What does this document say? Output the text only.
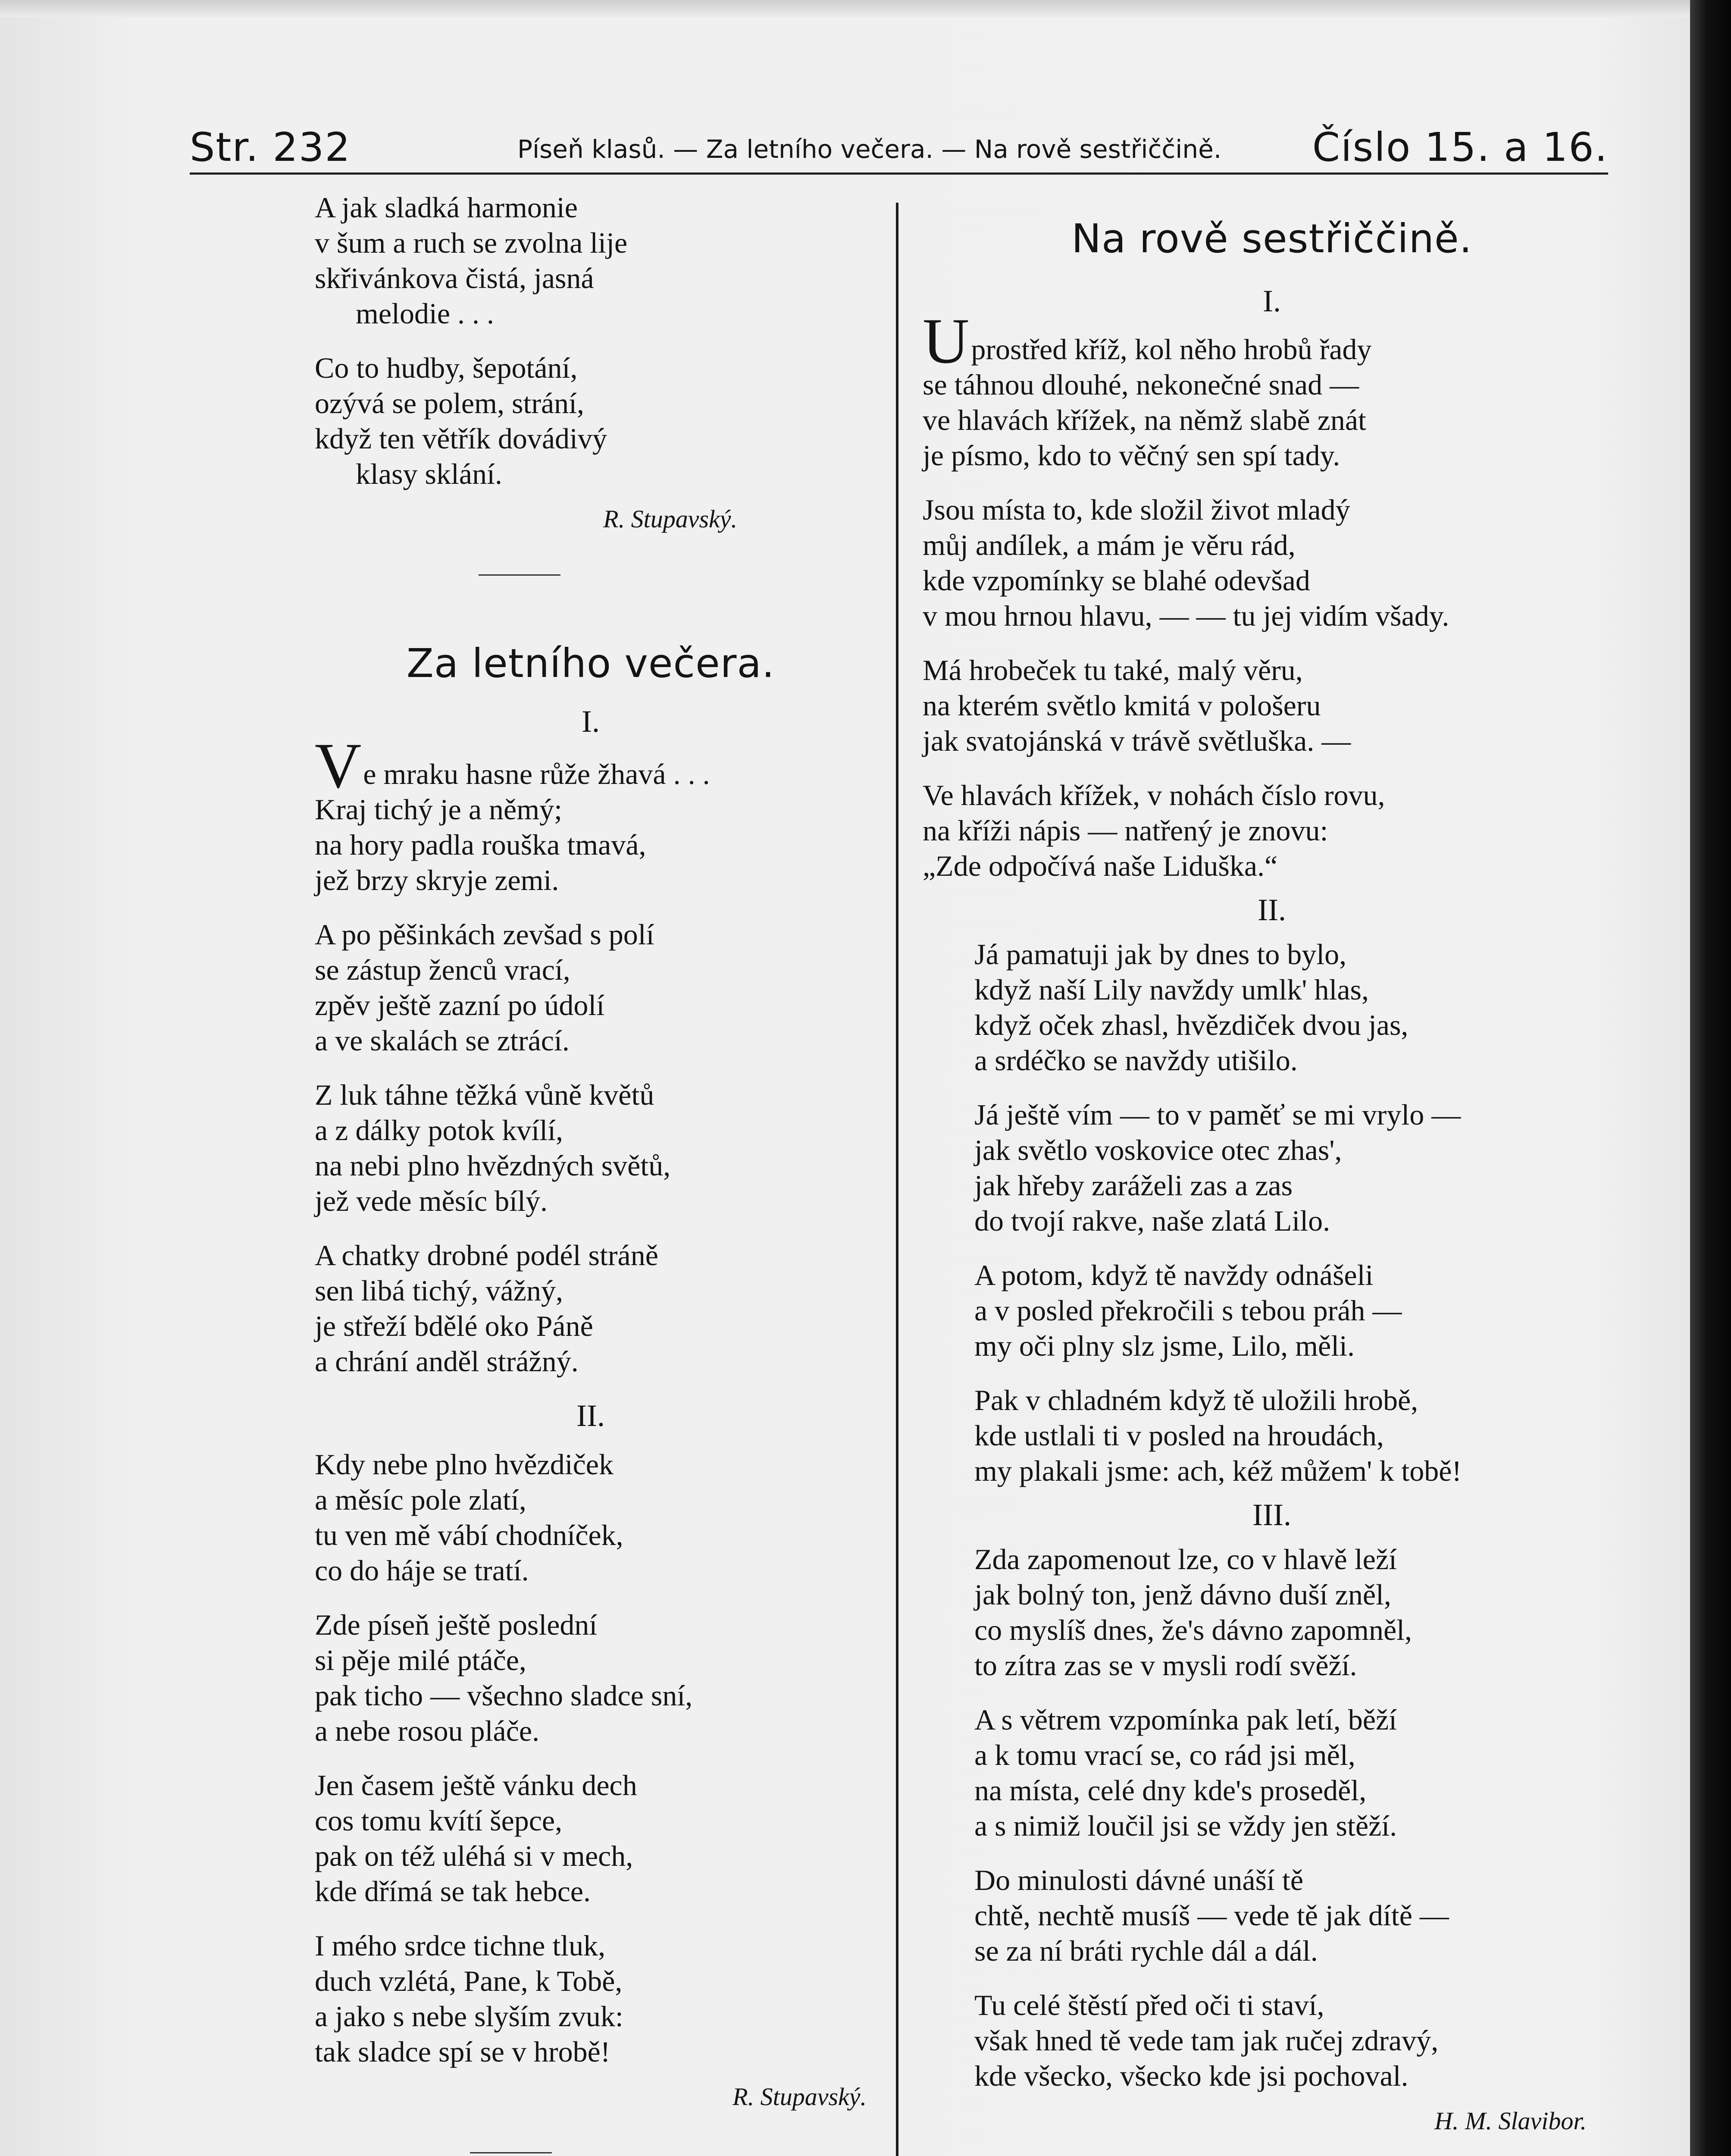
Str. 232	Píseň klasů. — Za letního večera. — Na rově sestřiččině. Číslo 15. a 16.
A jak sladká harmonie
v šum a ruch se zvolna lije
skřivánkova čistá, jasná
melodie . . .
Co to hudby, šepotání,
ozývá se polem, strání,
když ten větřík dovádivý
klasy sklání.
R. Stupavský.
Za letního večera.
I.
Ve mraku hasne růže žhavá . . .
Kraj tichý je a němý;
na hory padla rouška tmavá,
jež brzy skryje zemi.
A po pěšinkách zevšad s polí
se zástup ženců vrací,
zpěv ještě zazní po údolí
a ve skalách se ztrácí.
Z luk táhne těžká vůně květů
a z dálky potok kvílí,
na nebi plno hvězdných světů,
jež vede měsíc bílý.
A chatky drobné podél stráně
sen libá tichý, vážný,
je střeží bdělé oko Páně
a chrání anděl strážný.
II.
Kdy nebe plno hvězdiček
a měsíc pole zlatí,
tu ven mě vábí chodníček,
co do háje se tratí.
Zde píseň ještě poslední
si pěje milé ptáče,
pak ticho — všechno sladce sní,
a nebe rosou pláče.
Jen časem ještě vánku dech
cos tomu kvítí šepce,
pak on též uléhá si v mech,
kde dřímá se tak hebce.
I mého srdce tichne tluk,
duch vzlétá, Pane, k Tobě,
a jako s nebe slyším zvuk:
tak sladce spí se v hrobě!
R. Stupavský.
Na rově sestřiččině.
I.
Uprostřed kříž, kol něho hrobů řady
se táhnou dlouhé, nekonečné snad —
ve hlavách křížek, na němž slabě znát
je písmo, kdo to věčný sen spí tady.
Jsou místa to, kde složil život mladý
můj andílek, a mám je věru rád,
kde vzpomínky se blahé odevšad
v mou hrnou hlavu, — — tu jej vidím všady.
Má hrobeček tu také, malý věru,
na kterém světlo kmitá v pološeru
jak svatojánská v trávě světluška. —
Ve hlavách křížek, v nohách číslo rovu,
na kříži nápis — natřený je znovu:
„Zde odpočívá naše Liduška.“
II.
Já pamatuji jak by dnes to bylo,
když naší Lily navždy umlk' hlas,
když oček zhasl, hvězdiček dvou jas,
a srdéčko se navždy utišilo.
Já ještě vím — to v paměť se mi vrylo —
jak světlo voskovice otec zhas',
jak hřeby zaráželi zas a zas
do tvojí rakve, naše zlatá Lilo.
A potom, když tě navždy odnášeli
a v posled překročili s tebou práh —
my oči plny slz jsme, Lilo, měli.
Pak v chladném když tě uložili hrobě,
kde ustlali ti v posled na hroudách,
my plakali jsme: ach, kéž můžem' k tobě!
III.
Zda zapomenout lze, co v hlavě leží
jak bolný ton, jenž dávno duší zněl,
co myslíš dnes, že's dávno zapomněl,
to zítra zas se v mysli rodí svěží.
A s větrem vzpomínka pak letí, běží
a k tomu vrací se, co rád jsi měl,
na místa, celé dny kde's proseděl,
a s nimiž loučil jsi se vždy jen stěží.
Do minulosti dávné unáší tě
chtě, nechtě musíš — vede tě jak dítě —
se za ní bráti rychle dál a dál.
Tu celé štěstí před oči ti staví,
však hned tě vede tam jak ručej zdravý,
kde všecko, všecko kde jsi pochoval.
H. M. Slavibor.
